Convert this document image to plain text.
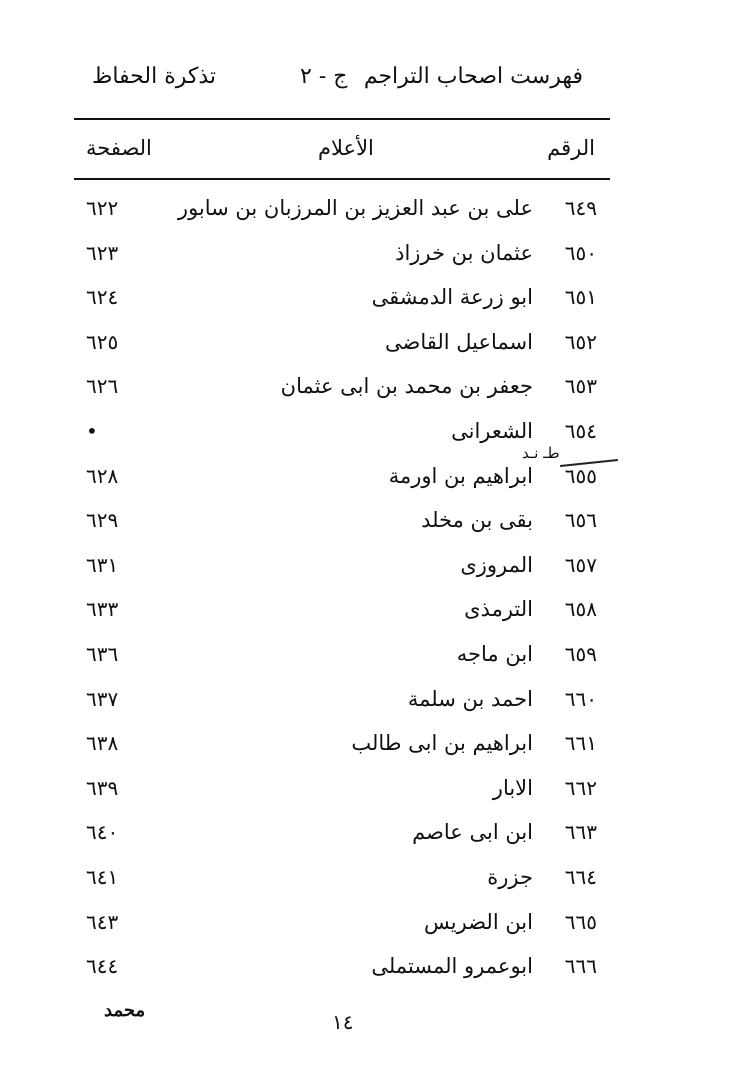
فهرست اصحاب التراجم
ج - ٢
تذكرة الحفاظ
الرقم
الأعلام
الصفحة
٦٤٩
على بن عبد العزيز بن المرزبان بن سابور
٦٢٢
٦٥٠
عثمان بن خرزاذ
٦٢٣
٦٥١
ابو زرعة الدمشقى
٦٢٤
٦٥٢
اسماعيل القاضى
٦٢٥
٦٥٣
جعفر بن محمد بن ابى عثمان
٦٢٦
٦٥٤
الشعرانى
•
٦٥٥
ابراهيم بن اورمة
٦٢٨
٦٥٦
بقى بن مخلد
٦٢٩
٦٥٧
المروزى
٦٣١
٦٥٨
الترمذى
٦٣٣
٦٥٩
ابن ماجه
٦٣٦
٦٦٠
احمد بن سلمة
٦٣٧
٦٦١
ابراهيم بن ابى طالب
٦٣٨
٦٦٢
الابار
٦٣٩
٦٦٣
ابن ابى عاصم
٦٤٠
٦٦٤
جزرة
٦٤١
٦٦٥
ابن الضريس
٦٤٣
٦٦٦
ابوعمرو المستملى
٦٤٤
طـ نـد
محمد	١٤
